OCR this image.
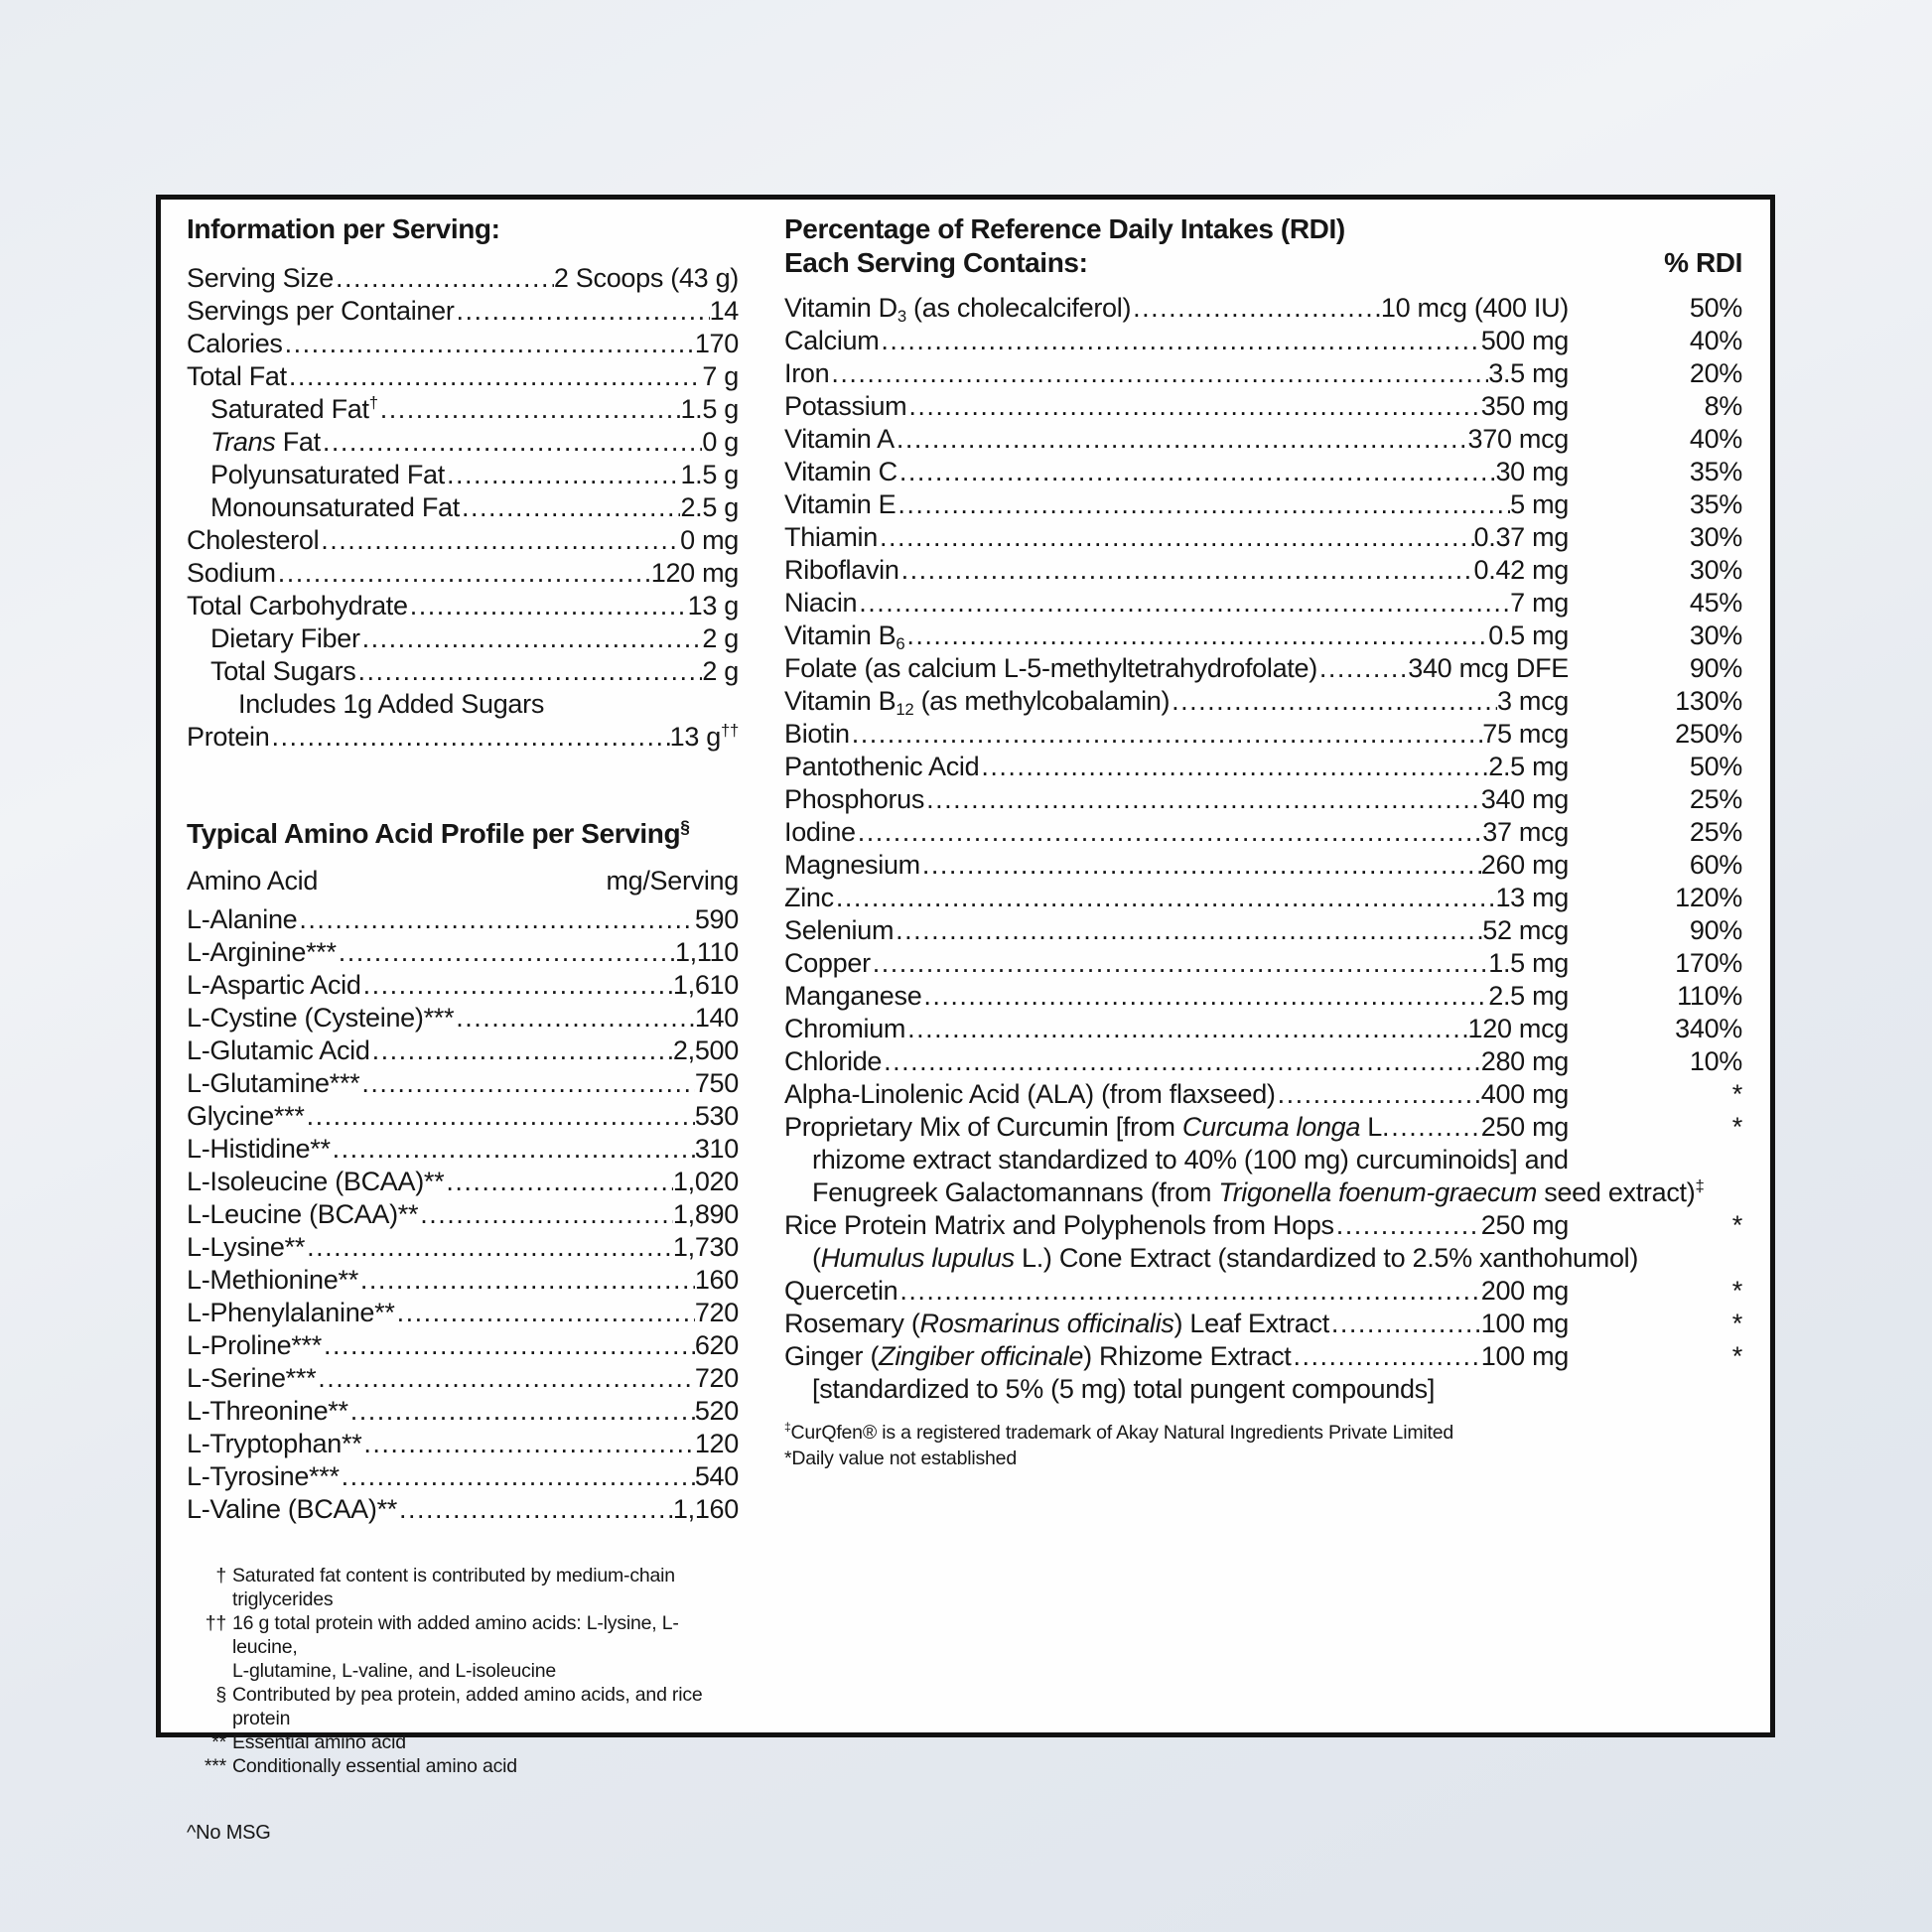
Information per Serving:
Serving Size .....	2 Scoops (43 g)
Servings per Container .....	14
Calories .....	170
Total Fat .....	7 g
Saturated Fat† .....	1.5 g
Trans Fat .....	0 g
Polyunsaturated Fat .....	1.5 g
Monounsaturated Fat .....	2.5 g
Cholesterol .....	0 mg
Sodium .....	120 mg
Total Carbohydrate .....	13 g
Dietary Fiber .....	2 g
Total Sugars .....	2 g
Includes 1g Added Sugars
Protein .....	13 g††
Typical Amino Acid Profile per Serving§
Amino Acid	mg/Serving
L-Alanine .....	590
L-Arginine*** .....	1,110
L-Aspartic Acid .....	1,610
L-Cystine (Cysteine)*** .....	140
L-Glutamic Acid .....	2,500
L-Glutamine*** .....	750
Glycine*** .....	530
L-Histidine** .....	310
L-Isoleucine (BCAA)** .....	1,020
L-Leucine (BCAA)** .....	1,890
L-Lysine** .....	1,730
L-Methionine** .....	160
L-Phenylalanine** .....	720
L-Proline*** .....	620
L-Serine*** .....	720
L-Threonine** .....	520
L-Tryptophan** .....	120
L-Tyrosine*** .....	540
L-Valine (BCAA)** .....	1,160
† Saturated fat content is contributed by medium-chain triglycerides
†† 16 g total protein with added amino acids: L-lysine, L-leucine,
L-glutamine, L-valine, and L-isoleucine
§ Contributed by pea protein, added amino acids, and rice protein
** Essential amino acid
*** Conditionally essential amino acid
^No MSG
Percentage of Reference Daily Intakes (RDI)
Each Serving Contains:	% RDI
Vitamin $D_3$ (as cholecalciferol) .....	10 mcg (400 IU)	50%
Calcium .....	500 mg	40%
Iron .....	3.5 mg	20%
Potassium .....	350 mg	8%
Vitamin A .....	370 mcg	40%
Vitamin C .....	30 mg	35%
Vitamin E .....	5 mg	35%
Thiamin .....	0.37 mg	30%
Riboflavin .....	0.42 mg	30%
Niacin .....	7 mg	45%
Vitamin $B_6$ .....	0.5 mg	30%
Folate (as calcium L-5-methyltetrahydrofolate) .....	340 mcg DFE	90%
Vitamin $B_{12}$ (as methylcobalamin) .....	3 mcg	130%
Biotin .....	75 mcg	250%
Pantothenic Acid .....	2.5 mg	50%
Phosphorus .....	340 mg	25%
Iodine .....	37 mcg	25%
Magnesium .....	260 mg	60%
Zinc .....	13 mg	120%
Selenium .....	52 mcg	90%
Copper .....	1.5 mg	170%
Manganese .....	2.5 mg	110%
Chromium .....	120 mcg	340%
Chloride .....	280 mg	10%
Alpha-Linolenic Acid (ALA) (from flaxseed) .....	400 mg	*
Proprietary Mix of Curcumin [from Curcuma longa L. .....	250 mg	*
rhizome extract standardized to 40% (100 mg) curcuminoids] and
Fenugreek Galactomannans (from Trigonella foenum-graecum seed extract)‡
Rice Protein Matrix and Polyphenols from Hops .....	250 mg	*
(Humulus lupulus L.) Cone Extract (standardized to 2.5% xanthohumol)
Quercetin .....	200 mg	*
Rosemary (Rosmarinus officinalis) Leaf Extract .....	100 mg	*
Ginger (Zingiber officinale) Rhizome Extract .....	100 mg	*
[standardized to 5% (5 mg) total pungent compounds]
‡CurQfen® is a registered trademark of Akay Natural Ingredients Private Limited
*Daily value not established
